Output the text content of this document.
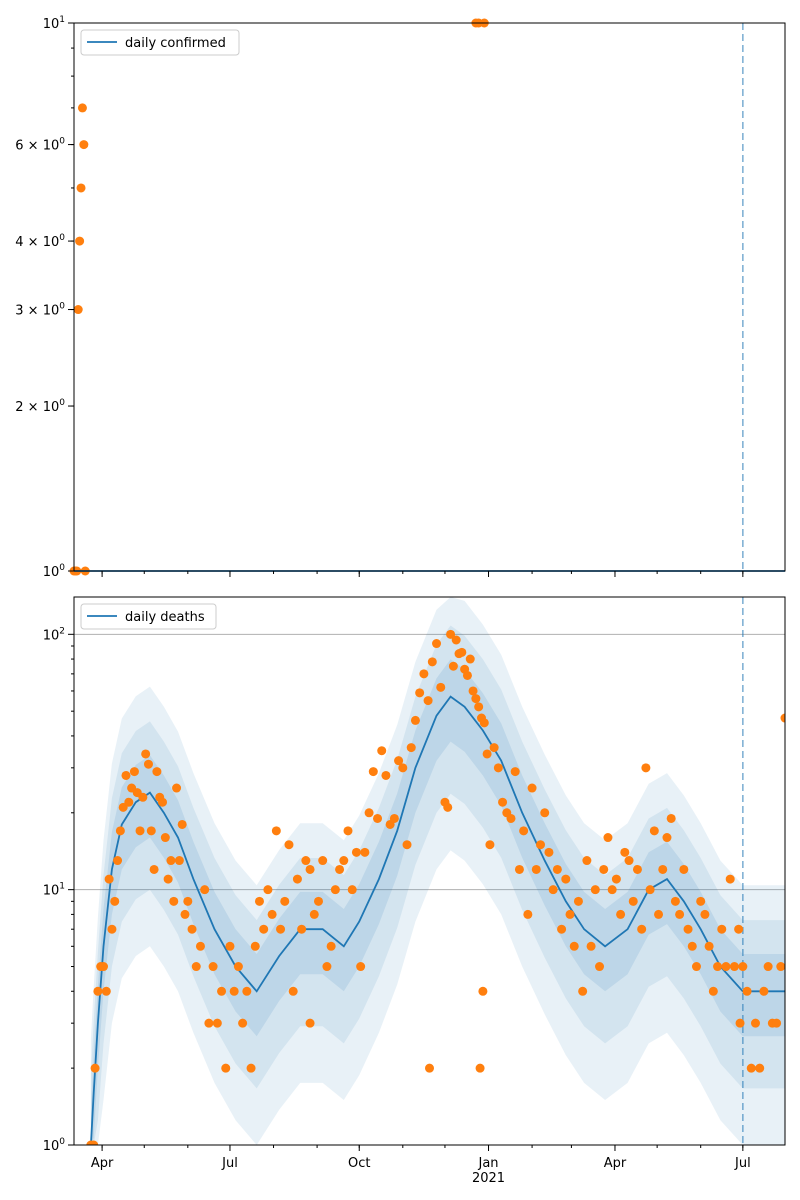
$10^0$
$2 \times 10^0$
$3 \times 10^0$
$4 \times 10^0$
$6 \times 10^0$
$10^1$
daily confirmed
$10^0$
$10^1$
$10^2$
Apr	Jul	Oct	Jan
2021
Apr	Jul
daily deaths
